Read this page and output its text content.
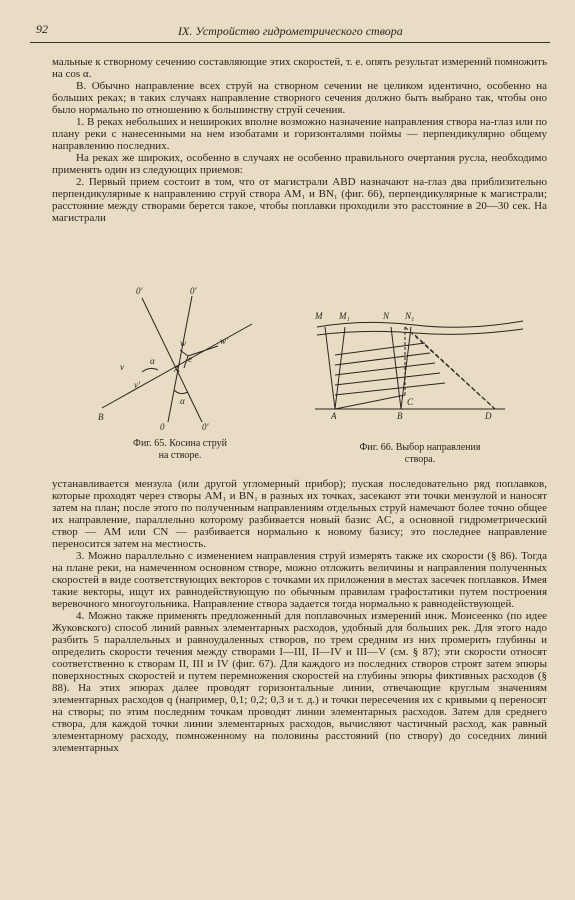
92	IX. Устройство гидрометрического створа

мальные к створному сечению составляющие этих скоростей, т. е. опять результат измерений помножить на cos α.

В. Обычно направление всех струй на створном сечении не целиком идентично, особенно на больших реках; в таких случаях направление створного сечения должно быть выбрано так, чтобы оно было нормально по отношению к большинству струй сечения.

1. В реках небольших и нешироких вполне возможно назначение направления створа на-глаз или по плану реки с нанесенными на нем изобатами и горизонталями поймы — перпендикулярно общему направлению последних.

На реках же широких, особенно в случаях не особенно правильного очертания русла, необходимо применять один из следующих приемов:

2. Первый прием состоит в том, что от магистрали ABD назначают на-глаз два приблизительно перпендикулярные к направлению струй створа AM₁ и BN₁ (фиг. 66), перпендикулярные к магистрали; расстояние между створами берется такое, чтобы поплавки проходили это расстояние в 20—30 сек. На магистрали

0'	0'
v
α
w
e
w'
A
v'
B
α
0	0'
Фиг. 65. Косина струй
на створе.
M M₁	N N₁
A	B
C
D
Фиг. 66. Выбор направления
створа.

устанавливается мензула (или другой угломерный прибор); пуская последовательно ряд поплавков, которые проходят через створы AM₁ и BN₁ в разных их точках, засекают эти точки мензулой и наносят затем на план; после этого по полученным направлениям отдельных струй намечают более точно общее их направление, параллельно которому разбивается новый базис AC, а основной гидрометрический створ — AM или CN — разбивается нормально к новому базису; это последнее направление переносится затем на местность.

3. Можно параллельно с изменением направления струй измерять также их скорости (§ 86). Тогда на плане реки, на намеченном основном створе, можно отложить величины и направления полученных скоростей в виде соответствующих векторов с точками их приложения в местах засечек поплавков. Имея такие векторы, ищут их равнодействующую по обычным правилам графостатики путем построения веревочного многоугольника. Направление створа задается тогда нормально к равнодействующей.

4. Можно также применять предложенный для поплавочных измерений инж. Моисеенко (по идее Жуковского) способ линий равных элементарных расходов, удобный для больших рек. Для этого надо разбить 5 параллельных и равноудаленных створов, по трем средним из них промерить глубины и определить скорости течения между створами I—III, II—IV и III—V (см. § 87); эти скорости относят соответственно к створам II, III и IV (фиг. 67). Для каждого из последних створов строят затем эпюры поверхностных скоростей и путем перемножения скоростей на глубины эпюры фиктивных расходов (§ 88). На этих эпюрах далее проводят горизонтальные линии, отвечающие круглым значениям элементарных расходов q (например, 0,1; 0,2; 0,3 и т. д.) и точки пересечения их с кривыми q переносят на створы; по этим последним точкам проводят линии элементарных расходов. Затем для среднего створа, для каждой точки линии элементарных расходов, вычисляют частичный расход, как равный элементарному расходу, помноженному на половины расстояний (по створу) до соседних линий элементарных
